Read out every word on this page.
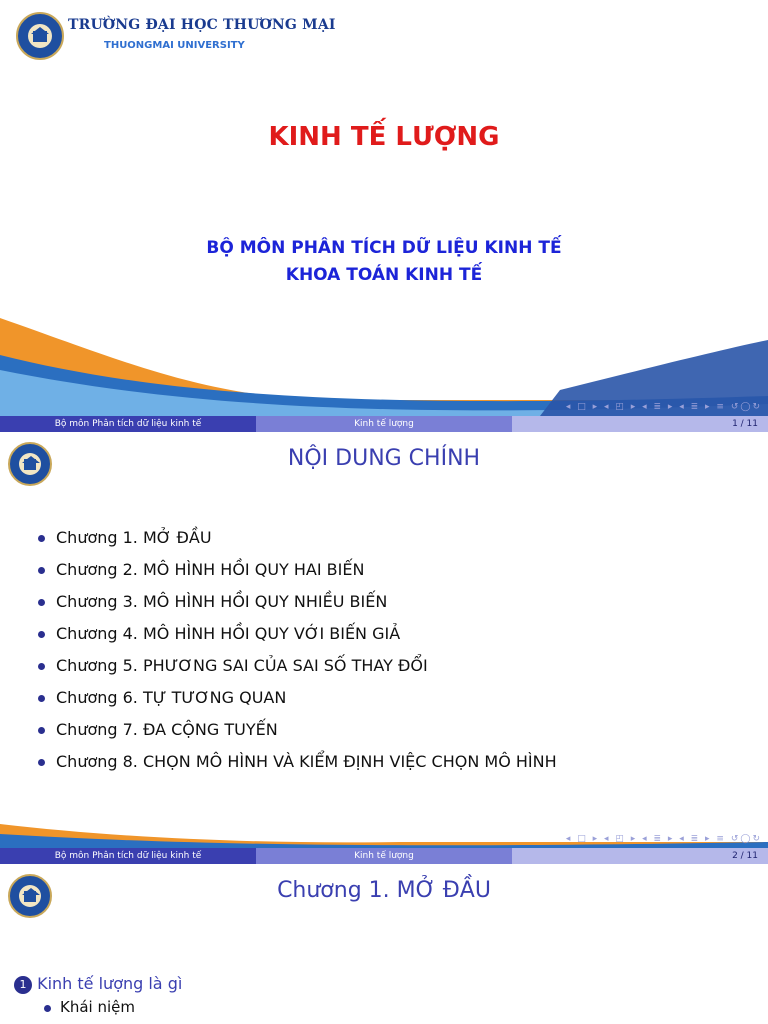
TRƯỜNG ĐẠI HỌC THƯƠNG MẠI
THUONGMAI UNIVERSITY
KINH TẾ LƯỢNG
BỘ MÔN PHÂN TÍCH DỮ LIỆU KINH TẾ
KHOA TOÁN KINH TẾ
◂ □ ▸ ◂ ◰ ▸ ◂ ≣ ▸ ◂ ≣ ▸ ≡ ↺◯↻
Bộ môn Phân tích dữ liệu kinh tế	Kinh tế lượng	1 / 11
NỘI DUNG CHÍNH
Chương 1. MỞ ĐẦU
Chương 2. MÔ HÌNH HỒI QUY HAI BIẾN
Chương 3. MÔ HÌNH HỒI QUY NHIỀU BIẾN
Chương 4. MÔ HÌNH HỒI QUY VỚI BIẾN GIẢ
Chương 5. PHƯƠNG SAI CỦA SAI SỐ THAY ĐỔI
Chương 6. TỰ TƯƠNG QUAN
Chương 7. ĐA CỘNG TUYẾN
Chương 8. CHỌN MÔ HÌNH VÀ KIỂM ĐỊNH VIỆC CHỌN MÔ HÌNH
◂ □ ▸ ◂ ◰ ▸ ◂ ≣ ▸ ◂ ≣ ▸ ≡ ↺◯↻
Bộ môn Phân tích dữ liệu kinh tế	Kinh tế lượng	2 / 11
Chương 1. MỞ ĐẦU
1 Kinh tế lượng là gì
Khái niệm
